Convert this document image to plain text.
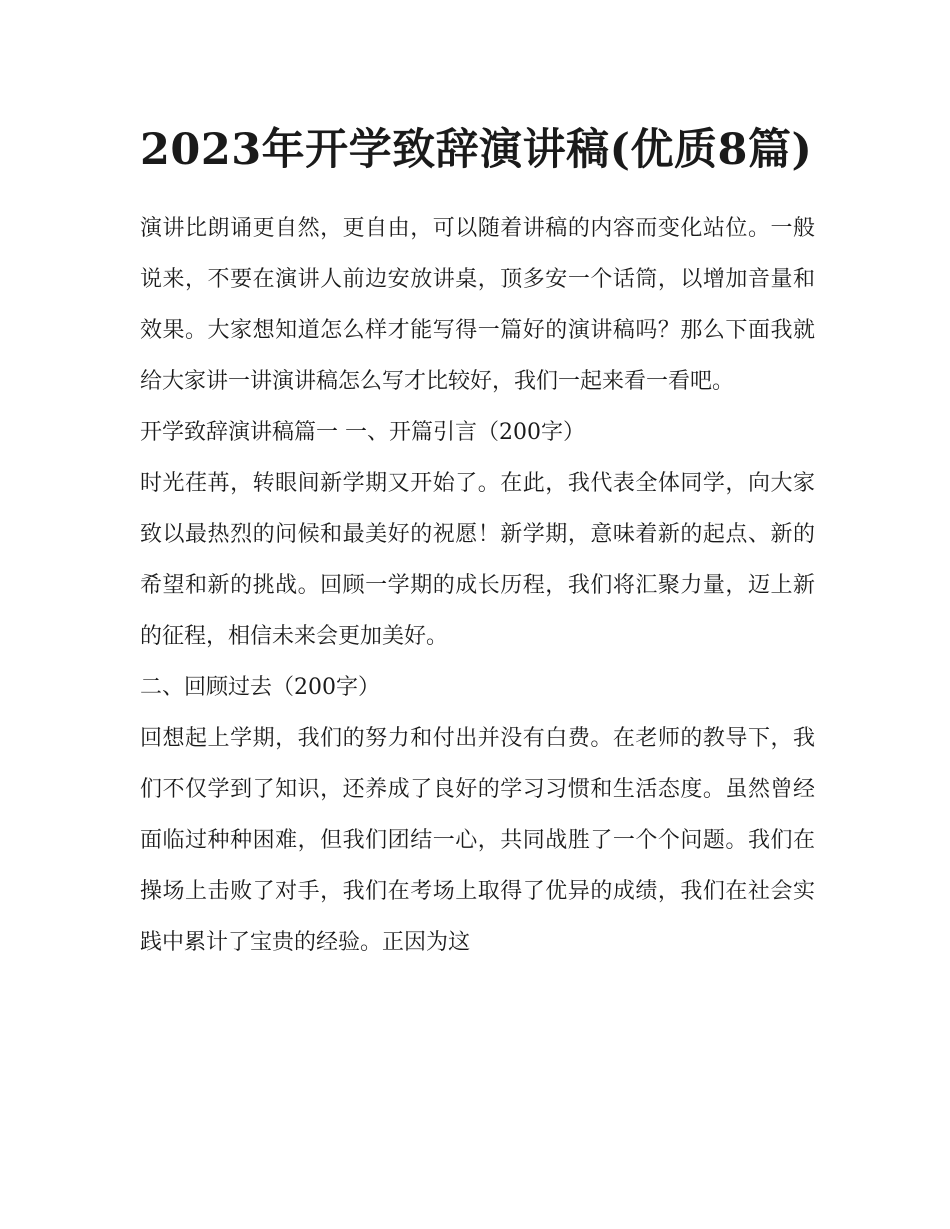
2023年开学致辞演讲稿(优质8篇)

演讲比朗诵更自然，更自由，可以随着讲稿的内容而变化站位。一般说来，不要在演讲人前边安放讲桌，顶多安一个话筒，以增加音量和效果。大家想知道怎么样才能写得一篇好的演讲稿吗？那么下面我就给大家讲一讲演讲稿怎么写才比较好，我们一起来看一看吧。

开学致辞演讲稿篇一 一、开篇引言（200字）

时光荏苒，转眼间新学期又开始了。在此，我代表全体同学，向大家致以最热烈的问候和最美好的祝愿！新学期，意味着新的起点、新的希望和新的挑战。回顾一学期的成长历程，我们将汇聚力量，迈上新的征程，相信未来会更加美好。

二、回顾过去（200字）

回想起上学期，我们的努力和付出并没有白费。在老师的教导下，我们不仅学到了知识，还养成了良好的学习习惯和生活态度。虽然曾经面临过种种困难，但我们团结一心，共同战胜了一个个问题。我们在操场上击败了对手，我们在考场上取得了优异的成绩，我们在社会实践中累计了宝贵的经验。正因为这
